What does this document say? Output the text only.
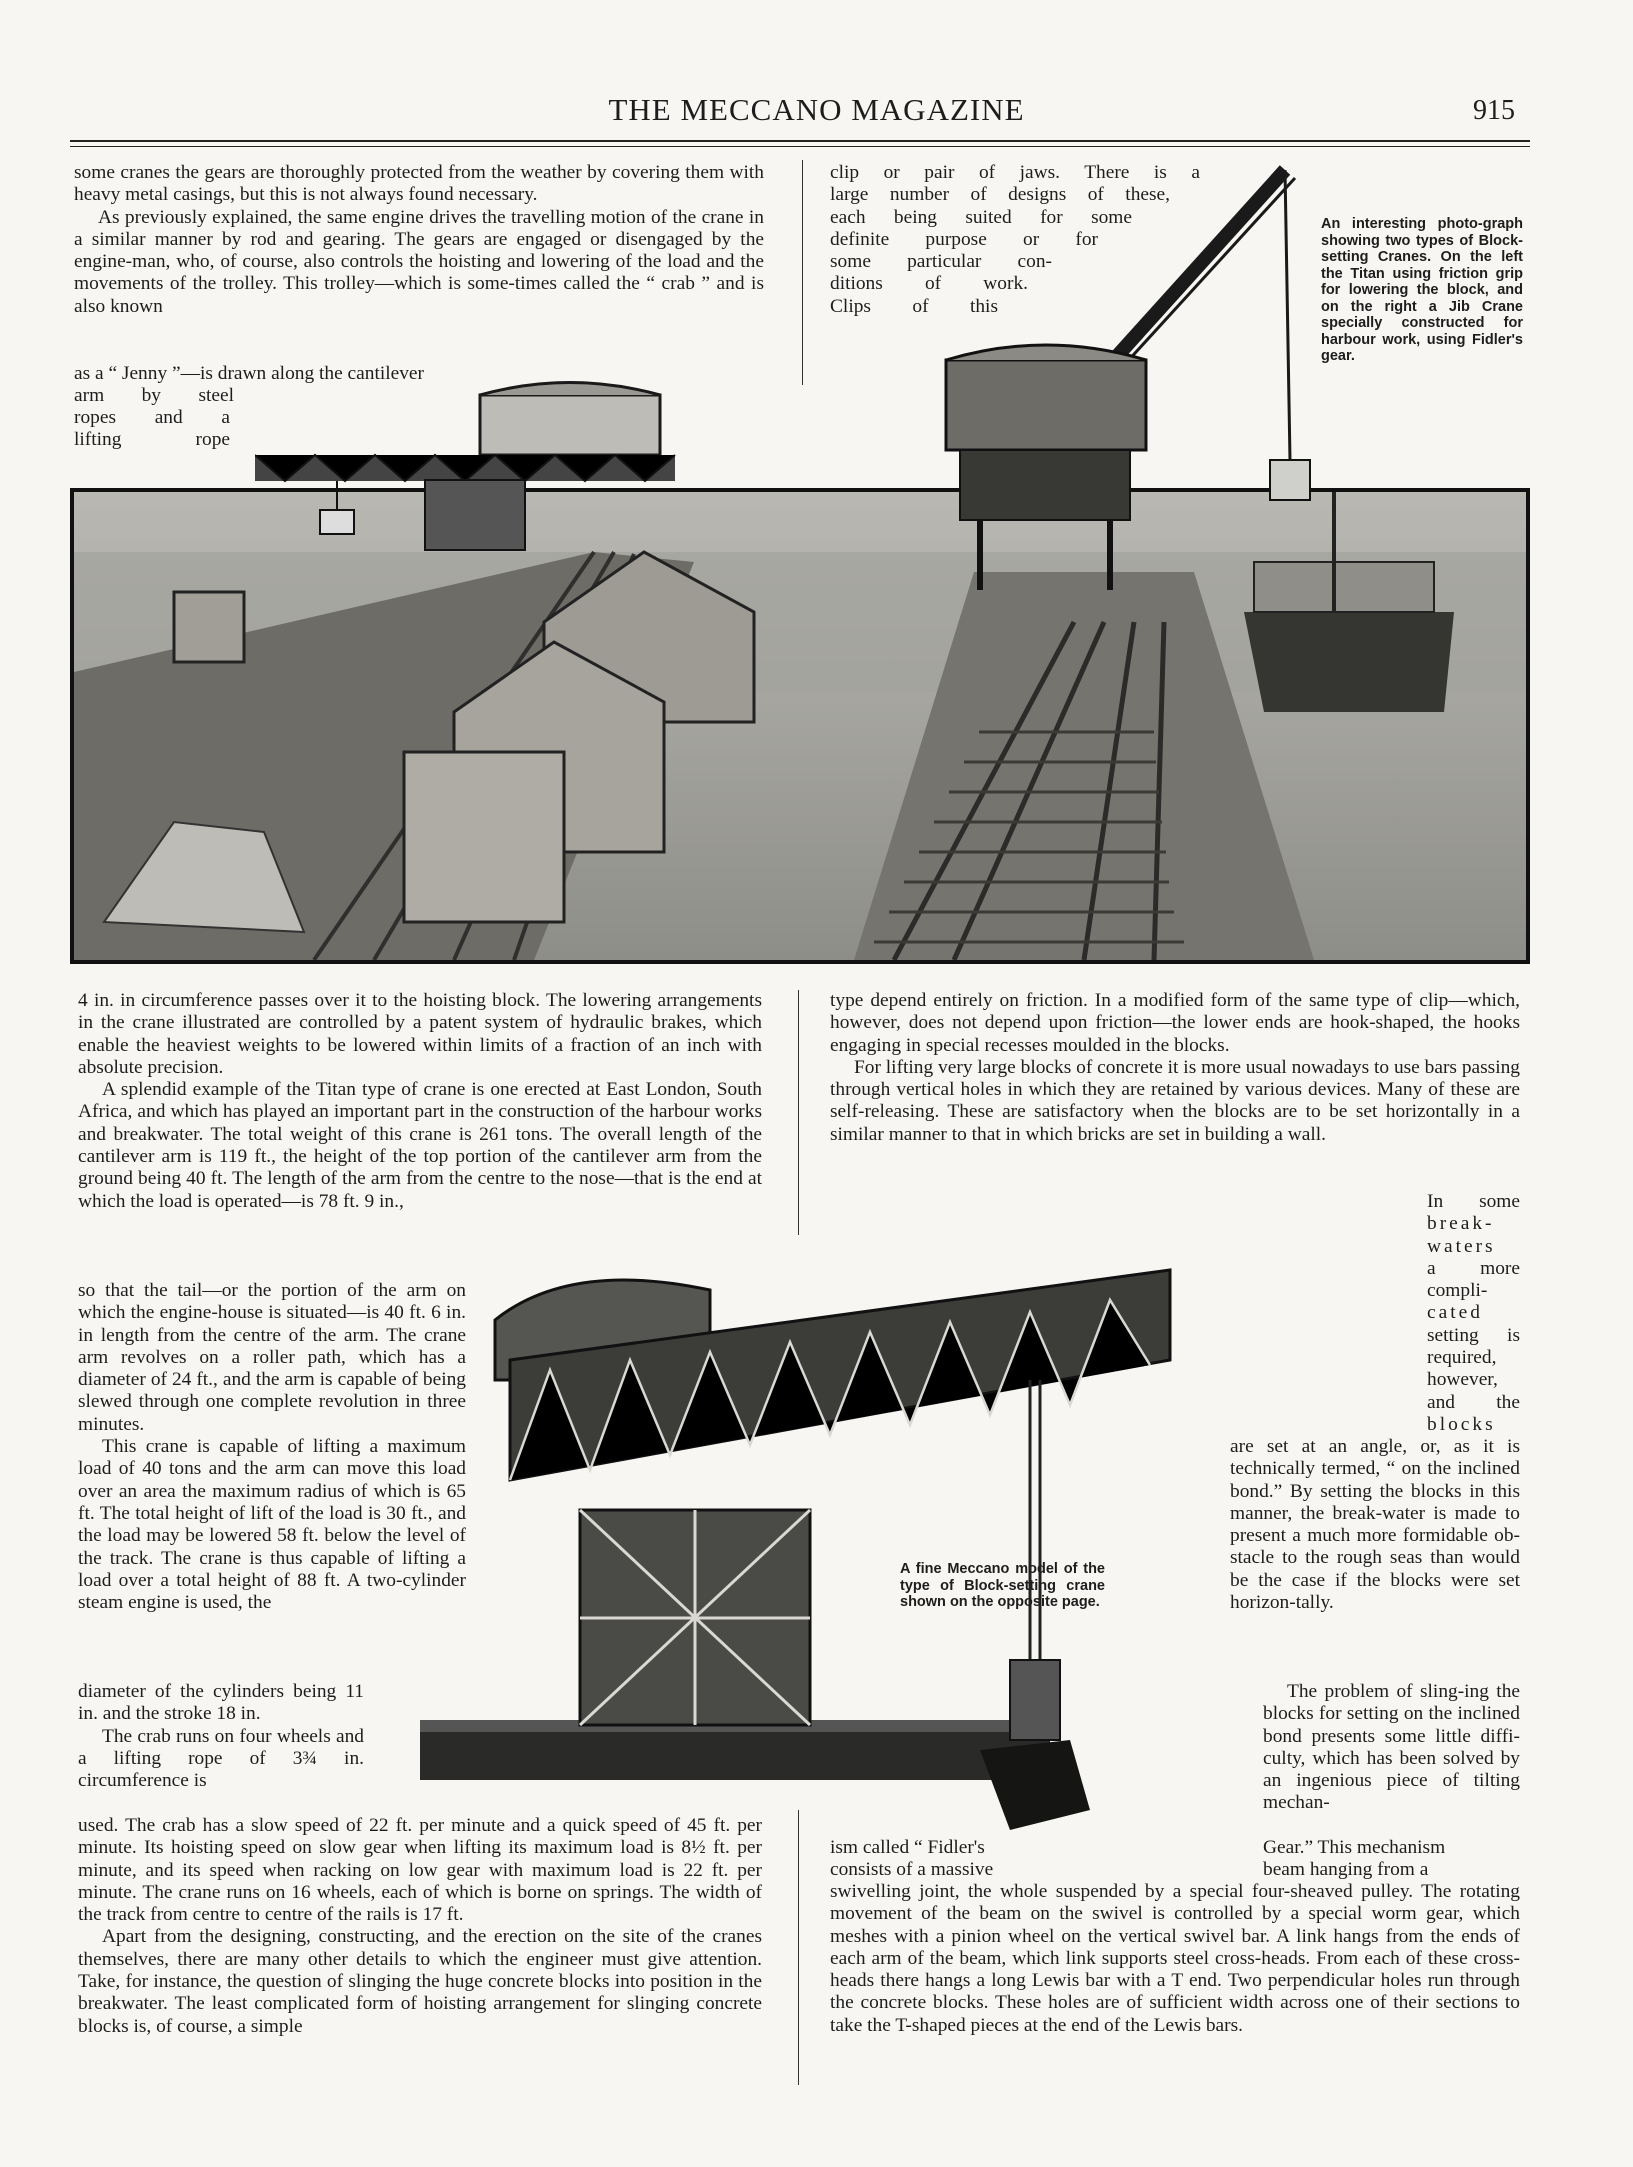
THE MECCANO MAGAZINE	915

some cranes the gears are thoroughly protected from the weather by covering them with heavy metal casings, but this is not always found necessary.

As previously explained, the same engine drives the travelling motion of the crane in a similar manner by rod and gearing. The gears are engaged or disengaged by the engine-man, who, of course, also controls the hoisting and lowering of the load and the movements of the trolley. This trolley—which is some-times called the “ crab ” and is also known

as a “ Jenny ”—is drawn along the cantilever
arm by steel
ropes and a
lifting rope
clip or pair of jaws. There is a
large number of designs of these,
each being suited for some
definite purpose or for
some particular con-
ditions of work.
Clips of this
An interesting photo-graph showing two types of Block-setting Cranes. On the left the Titan using friction grip for lowering the block, and on the right a Jib Crane specially constructed for harbour work, using Fidler's gear.

4 in. in circumference passes over it to the hoisting block. The lowering arrangements in the crane illustrated are controlled by a patent system of hydraulic brakes, which enable the heaviest weights to be lowered within limits of a fraction of an inch with absolute precision.

A splendid example of the Titan type of crane is one erected at East London, South Africa, and which has played an important part in the construction of the harbour works and breakwater. The total weight of this crane is 261 tons. The overall length of the cantilever arm is 119 ft., the height of the top portion of the cantilever arm from the ground being 40 ft. The length of the arm from the centre to the nose—that is the end at which the load is operated—is 78 ft. 9 in.,

so that the tail—or the portion of the arm on which the engine-house is situated—is 40 ft. 6 in. in length from the centre of the arm. The crane arm revolves on a roller path, which has a diameter of 24 ft., and the arm is capable of being slewed through one complete revolution in three minutes.

This crane is capable of lifting a maximum load of 40 tons and the arm can move this load over an area the maximum radius of which is 65 ft. The total height of lift of the load is 30 ft., and the load may be lowered 58 ft. below the level of the track. The crane is thus capable of lifting a load over a total height of 88 ft. A two-cylinder steam engine is used, the

diameter of the cylinders being 11 in. and the stroke 18 in.

The crab runs on four wheels and a lifting rope of 3¾ in. circumference is

used. The crab has a slow speed of 22 ft. per minute and a quick speed of 45 ft. per minute. Its hoisting speed on slow gear when lifting its maximum load is 8½ ft. per minute, and its speed when racking on low gear with maximum load is 22 ft. per minute. The crane runs on 16 wheels, each of which is borne on springs. The width of the track from centre to centre of the rails is 17 ft.

Apart from the designing, constructing, and the erection on the site of the cranes themselves, there are many other details to which the engineer must give attention. Take, for instance, the question of slinging the huge concrete blocks into position in the breakwater. The least complicated form of hoisting arrangement for slinging concrete blocks is, of course, a simple

type depend entirely on friction. In a modified form of the same type of clip—which, however, does not depend upon friction—the lower ends are hook-shaped, the hooks engaging in special recesses moulded in the blocks.

For lifting very large blocks of concrete it is more usual nowadays to use bars passing through vertical holes in which they are retained by various devices. Many of these are self-releasing. These are satisfactory when the blocks are to be set horizontally in a similar manner to that in which bricks are set in building a wall.

In some
break-
waters
a more
compli-
cated
setting is
required,
however,
and the
blocks

are set at an angle, or, as it is technically termed, “ on the inclined bond.” By setting the blocks in this manner, the break-water is made to present a much more formidable ob-stacle to the rough seas than would be the case if the blocks were set horizon-tally.

The problem of sling-ing the blocks for setting on the inclined bond presents some little diffi-culty, which has been solved by an ingenious piece of tilting mechan-

ism called “ Fidler's	Gear.” This mechanism
consists of a massive	beam hanging from a

swivelling joint, the whole suspended by a special four-sheaved pulley. The rotating movement of the beam on the swivel is controlled by a special worm gear, which meshes with a pinion wheel on the vertical swivel bar. A link hangs from the ends of each arm of the beam, which link supports steel cross-heads. From each of these cross-heads there hangs a long Lewis bar with a T end. Two perpendicular holes run through the concrete blocks. These holes are of sufficient width across one of their sections to take the T-shaped pieces at the end of the Lewis bars.

A fine Meccano model of the type of Block-setting crane shown on the opposite page.
